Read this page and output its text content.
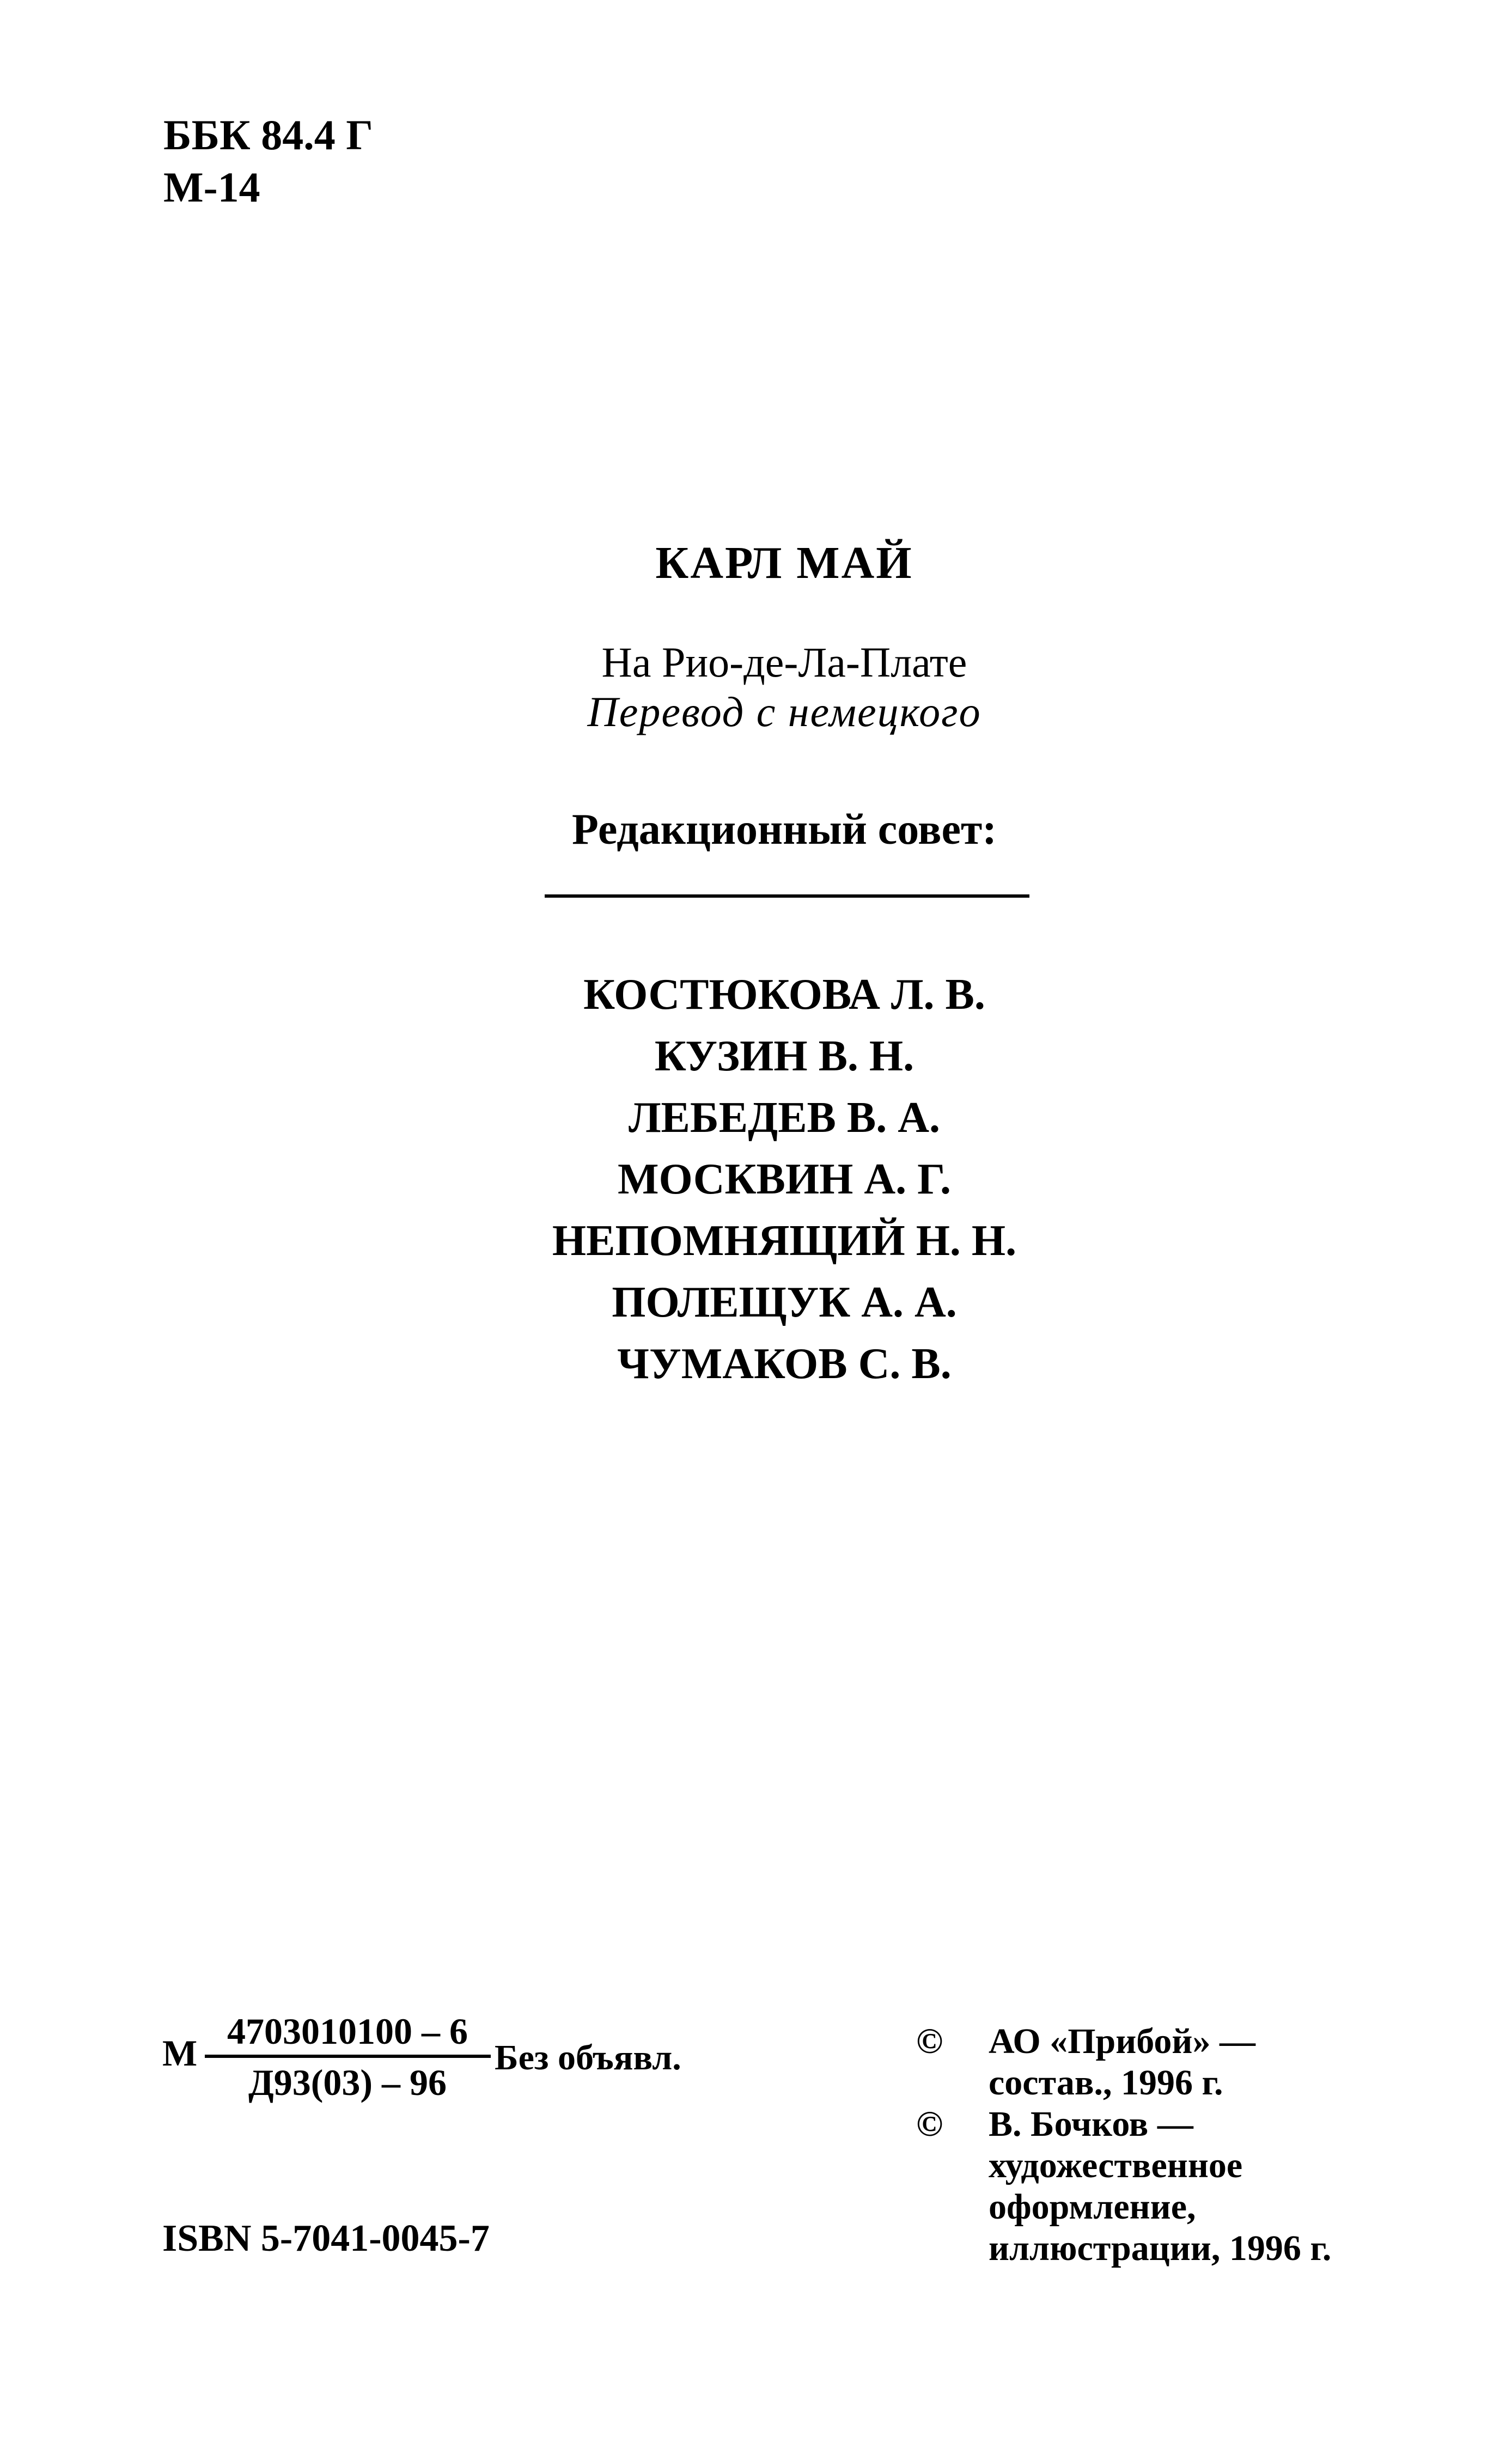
ББК 84.4 Г
М-14
КАРЛ МАЙ
На Рио-де-Ла-Плате
Перевод с немецкого
Редакционный совет:
КОСТЮКОВА Л. В.
КУЗИН В. Н.
ЛЕБЕДЕВ В. А.
МОСКВИН А. Г.
НЕПОМНЯЩИЙ Н. Н.
ПОЛЕЩУК А. А.
ЧУМАКОВ С. В.
М
4703010100 – 6
Д93(03) – 96
Без объявл.
ISBN 5-7041-0045-7
© АО «Прибой» —
состав., 1996 г.
© В. Бочков —
художественное
оформление,
иллюстрации, 1996 г.
